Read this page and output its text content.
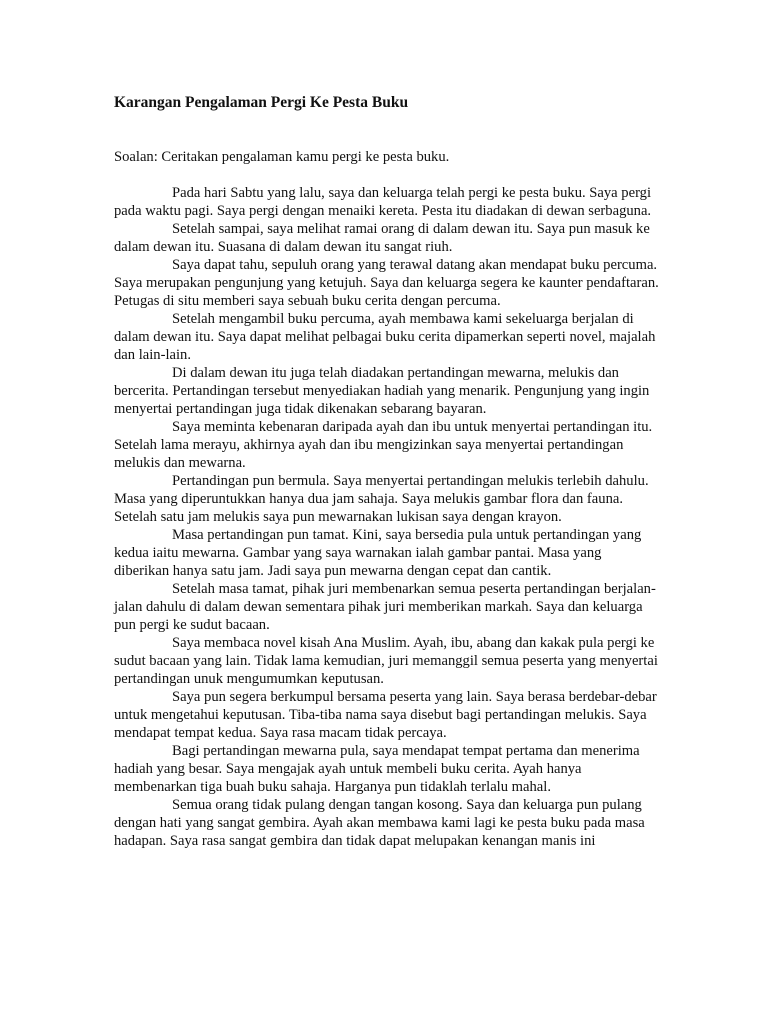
Karangan Pengalaman Pergi Ke Pesta Buku

Soalan: Ceritakan pengalaman kamu pergi ke pesta buku.

Pada hari Sabtu yang lalu, saya dan keluarga telah pergi ke pesta buku. Saya pergi pada waktu pagi. Saya pergi dengan menaiki kereta. Pesta itu diadakan di dewan serbaguna.

Setelah sampai, saya melihat ramai orang di dalam dewan itu. Saya pun masuk ke dalam dewan itu. Suasana di dalam dewan itu sangat riuh.

Saya dapat tahu, sepuluh orang yang terawal datang akan mendapat buku percuma. Saya merupakan pengunjung yang ketujuh. Saya dan keluarga segera ke kaunter pendaftaran. Petugas di situ memberi saya sebuah buku cerita dengan percuma.

Setelah mengambil buku percuma, ayah membawa kami sekeluarga berjalan di dalam dewan itu. Saya dapat melihat pelbagai buku cerita dipamerkan seperti novel, majalah dan lain-lain.

Di dalam dewan itu juga telah diadakan pertandingan mewarna, melukis dan bercerita. Pertandingan tersebut menyediakan hadiah yang menarik. Pengunjung yang ingin menyertai pertandingan juga tidak dikenakan sebarang bayaran.

Saya meminta kebenaran daripada ayah dan ibu untuk menyertai pertandingan itu. Setelah lama merayu, akhirnya ayah dan ibu mengizinkan saya menyertai pertandingan melukis dan mewarna.

Pertandingan pun bermula. Saya menyertai pertandingan melukis terlebih dahulu. Masa yang diperuntukkan hanya dua jam sahaja. Saya melukis gambar flora dan fauna. Setelah satu jam melukis saya pun mewarnakan lukisan saya dengan krayon.

Masa pertandingan pun tamat. Kini, saya bersedia pula untuk pertandingan yang kedua iaitu mewarna. Gambar yang saya warnakan ialah gambar pantai. Masa yang diberikan hanya satu jam. Jadi saya pun mewarna dengan cepat dan cantik.

Setelah masa tamat, pihak juri membenarkan semua peserta pertandingan berjalan-jalan dahulu di dalam dewan sementara pihak juri memberikan markah. Saya dan keluarga pun pergi ke sudut bacaan.

Saya membaca novel kisah Ana Muslim. Ayah, ibu, abang dan kakak pula pergi ke sudut bacaan yang lain. Tidak lama kemudian, juri memanggil semua peserta yang menyertai pertandingan unuk mengumumkan keputusan.

Saya pun segera berkumpul bersama peserta yang lain. Saya berasa berdebar-debar untuk mengetahui keputusan. Tiba-tiba nama saya disebut bagi pertandingan melukis. Saya mendapat tempat kedua. Saya rasa macam tidak percaya.

Bagi pertandingan mewarna pula, saya mendapat tempat pertama dan menerima hadiah yang besar. Saya mengajak ayah untuk membeli buku cerita. Ayah hanya membenarkan tiga buah buku sahaja. Harganya pun tidaklah terlalu mahal.

Semua orang tidak pulang dengan tangan kosong. Saya dan keluarga pun pulang dengan hati yang sangat gembira. Ayah akan membawa kami lagi ke pesta buku pada masa hadapan. Saya rasa sangat gembira dan tidak dapat melupakan kenangan manis ini
